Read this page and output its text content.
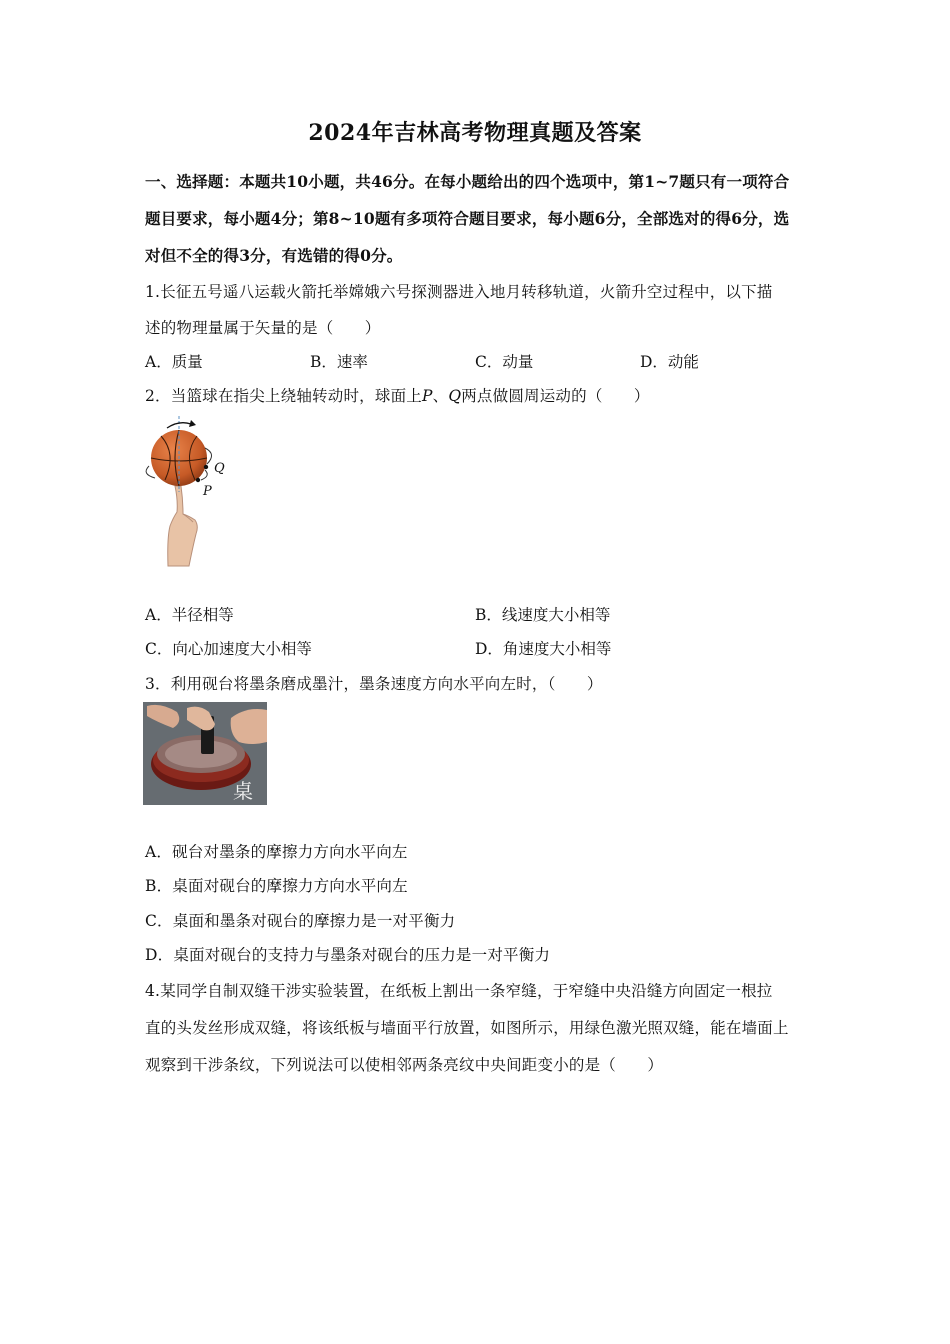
2024年吉林高考物理真题及答案
一、选择题：本题共10小题，共46分。在每小题给出的四个选项中，第1~7题只有一项符合
题目要求，每小题4分；第8~10题有多项符合题目要求，每小题6分，全部选对的得6分，选
对但不全的得3分，有选错的得0分。
1.长征五号遥八运载火箭托举嫦娥六号探测器进入地月转移轨道，火箭升空过程中，以下描
述的物理量属于矢量的是（　　）
A．质量	B．速率	C．动量	D．动能
2．当篮球在指尖上绕轴转动时，球面上P、Q两点做圆周运动的（　　）
Q
P
A．半径相等	B．线速度大小相等
C．向心加速度大小相等	D．角速度大小相等
3．利用砚台将墨条磨成墨汁，墨条速度方向水平向左时，（　　）
桌
A．砚台对墨条的摩擦力方向水平向左
B．桌面对砚台的摩擦力方向水平向左
C．桌面和墨条对砚台的摩擦力是一对平衡力
D．桌面对砚台的支持力与墨条对砚台的压力是一对平衡力
4.某同学自制双缝干涉实验装置，在纸板上割出一条窄缝，于窄缝中央沿缝方向固定一根拉
直的头发丝形成双缝，将该纸板与墙面平行放置，如图所示，用绿色激光照双缝，能在墙面上
观察到干涉条纹，下列说法可以使相邻两条亮纹中央间距变小的是（　　）
